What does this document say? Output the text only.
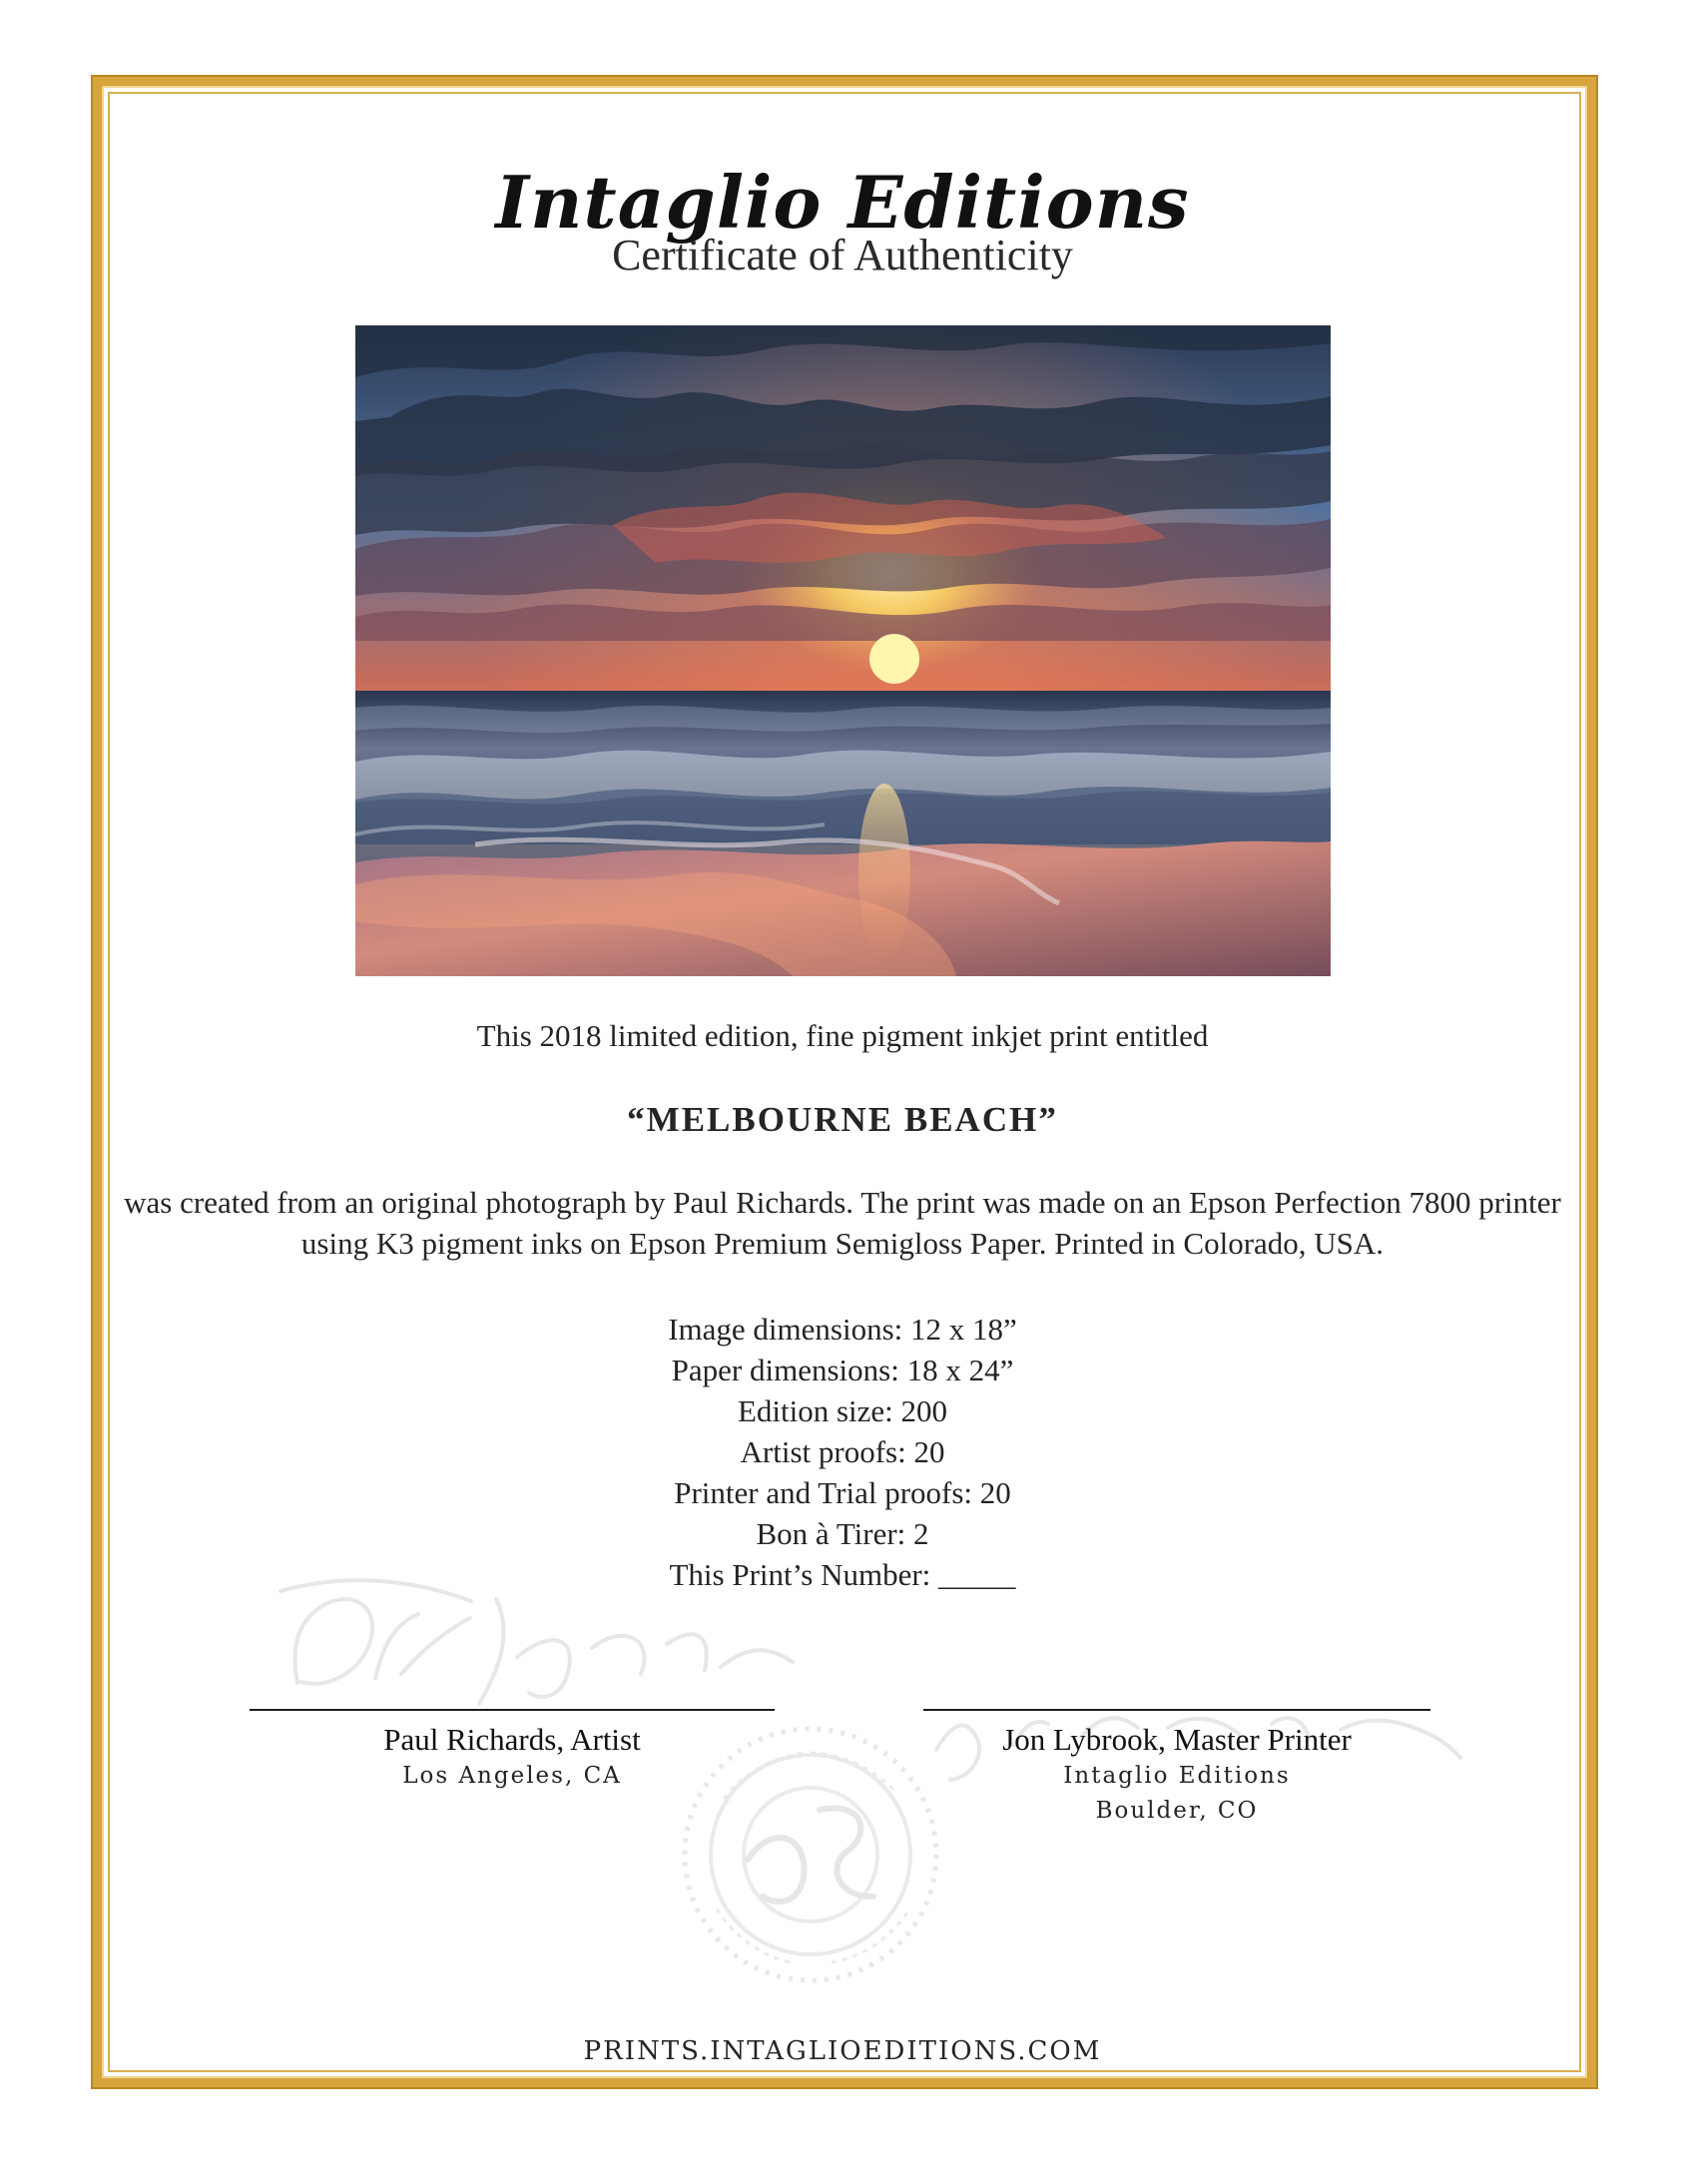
Intaglio Editions
Certificate of Authenticity
This 2018 limited edition, fine pigment inkjet print entitled
“MELBOURNE BEACH”
was created from an original photograph by Paul Richards. The print was made on an Epson Perfection 7800 printer using K3 pigment inks on Epson Premium Semigloss Paper. Printed in Colorado, USA.
Image dimensions: 12 x 18”
Paper dimensions: 18 x 24”
Edition size: 200
Artist proofs: 20
Printer and Trial proofs: 20
Bon à Tirer: 2
This Print’s Number: _____
Paul Richards, Artist
Los Angeles, CA
Jon Lybrook, Master Printer
Intaglio Editions
Boulder, CO
PRINTS.INTAGLIOEDITIONS.COM
